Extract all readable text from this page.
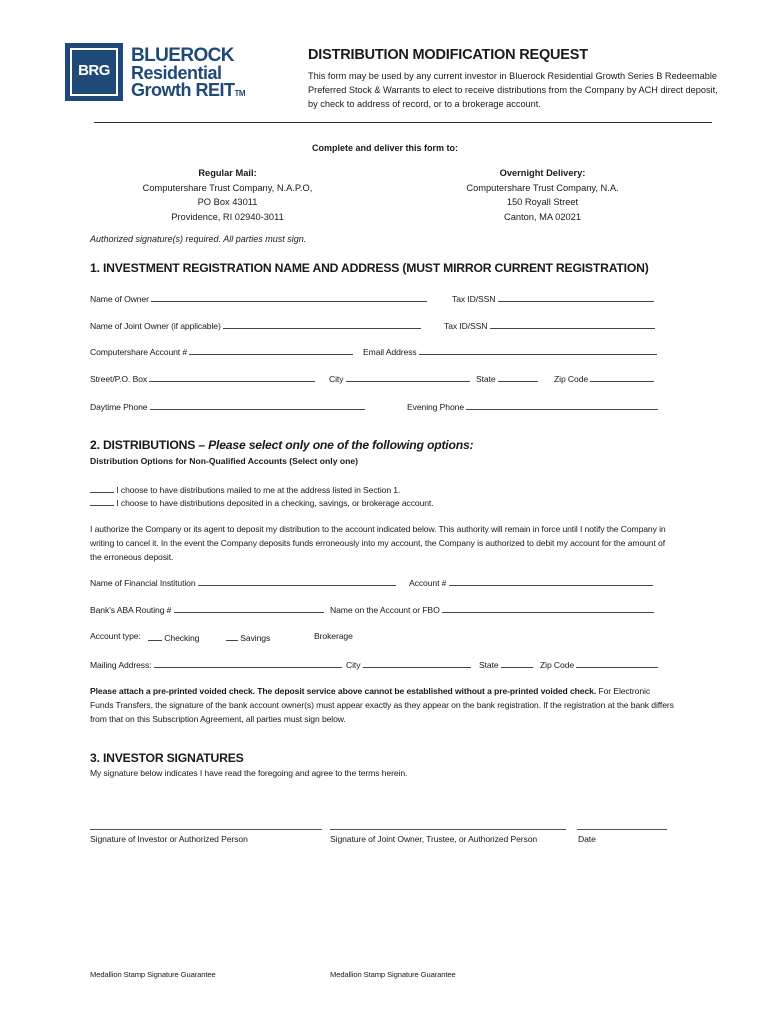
BRG
BLUEROCK
Residential
Growth REITTM
DISTRIBUTION MODIFICATION REQUEST
This form may be used by any current investor in Bluerock Residential Growth Series B Redeemable Preferred Stock & Warrants to elect to receive distributions from the Company by ACH direct deposit, by check to address of record, or to a brokerage account.
Complete and deliver this form to:
Regular Mail:
Computershare Trust Company, N.A.P.O,
PO Box 43011
Providence, RI 02940-3011
Overnight Delivery:
Computershare Trust Company, N.A.
150 Royall Street
Canton, MA 02021
Authorized signature(s) required. All parties must sign.
1. INVESTMENT REGISTRATION NAME AND ADDRESS (MUST MIRROR CURRENT REGISTRATION)
Name of Owner	Tax ID/SSN
Name of Joint Owner (if applicable)	Tax ID/SSN
Computershare Account #	Email Address
Street/P.O. Box	City	State	Zip Code
Daytime Phone	Evening Phone
2. DISTRIBUTIONS – Please select only one of the following options:
Distribution Options for Non-Qualified Accounts (Select only one)
I choose to have distributions mailed to me at the address listed in Section 1.
I choose to have distributions deposited in a checking, savings, or brokerage account.
I authorize the Company or its agent to deposit my distribution to the account indicated below. This authority will remain in force until I notify the Company in writing to cancel it. In the event the Company deposits funds erroneously into my account, the Company is authorized to debit my account for the amount of the erroneous deposit.
Name of Financial Institution	Account #
Bank's ABA Routing #	Name on the Account or FBO
Account type:	Checking	Savings	Brokerage
Mailing Address:	City	State	Zip Code
Please attach a pre-printed voided check. The deposit service above cannot be established without a pre-printed voided check. For Electronic Funds Transfers, the signature of the bank account owner(s) must appear exactly as they appear on the bank registration. If the registration at the bank differs from that on this Subscription Agreement, all parties must sign below.
3. INVESTOR SIGNATURES
My signature below indicates I have read the foregoing and agree to the terms herein.
Signature of Investor or Authorized Person	Signature of Joint Owner, Trustee, or Authorized Person	Date
Medallion Stamp Signature Guarantee	Medallion Stamp Signature Guarantee
